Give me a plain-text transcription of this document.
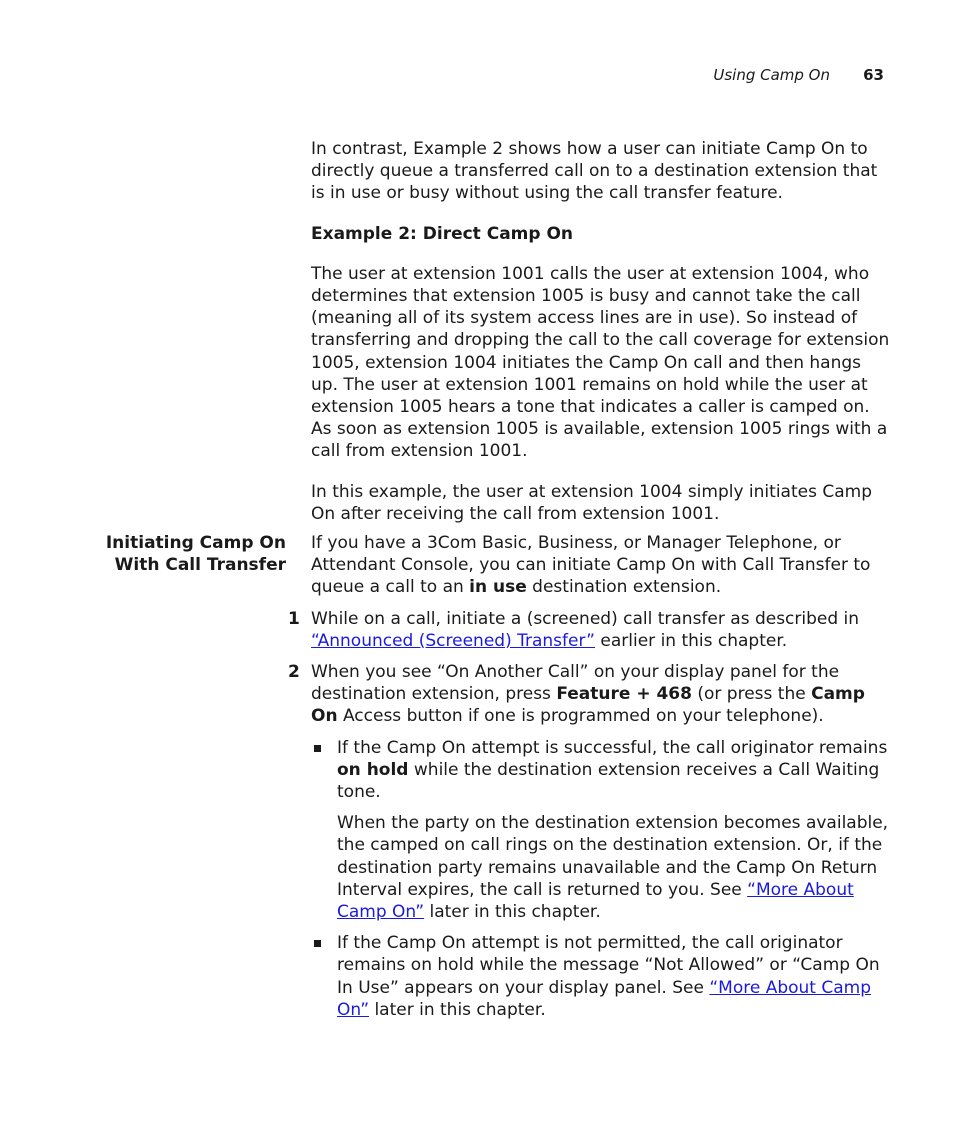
Using Camp On 63

In contrast, Example 2 shows how a user can initiate Camp On to directly queue a transferred call on to a destination extension that is in use or busy without using the call transfer feature.

Example 2: Direct Camp On

The user at extension 1001 calls the user at extension 1004, who determines that extension 1005 is busy and cannot take the call (meaning all of its system access lines are in use). So instead of transferring and dropping the call to the call coverage for extension 1005, extension 1004 initiates the Camp On call and then hangs up. The user at extension 1001 remains on hold while the user at extension 1005 hears a tone that indicates a caller is camped on. As soon as extension 1005 is available, extension 1005 rings with a call from extension 1001.

In this example, the user at extension 1004 simply initiates Camp On after receiving the call from extension 1001.

Initiating Camp On
With Call Transfer

If you have a 3Com Basic, Business, or Manager Telephone, or Attendant Console, you can initiate Camp On with Call Transfer to queue a call to an in use destination extension.

1 While on a call, initiate a (screened) call transfer as described in “Announced (Screened) Transfer” earlier in this chapter.

2 When you see “On Another Call” on your display panel for the destination extension, press Feature + 468 (or press the Camp On Access button if one is programmed on your telephone).

If the Camp On attempt is successful, the call originator remains on hold while the destination extension receives a Call Waiting tone.

When the party on the destination extension becomes available, the camped on call rings on the destination extension. Or, if the destination party remains unavailable and the Camp On Return Interval expires, the call is returned to you. See “More About Camp On” later in this chapter.

If the Camp On attempt is not permitted, the call originator remains on hold while the message “Not Allowed” or “Camp On In Use” appears on your display panel. See “More About Camp On” later in this chapter.
